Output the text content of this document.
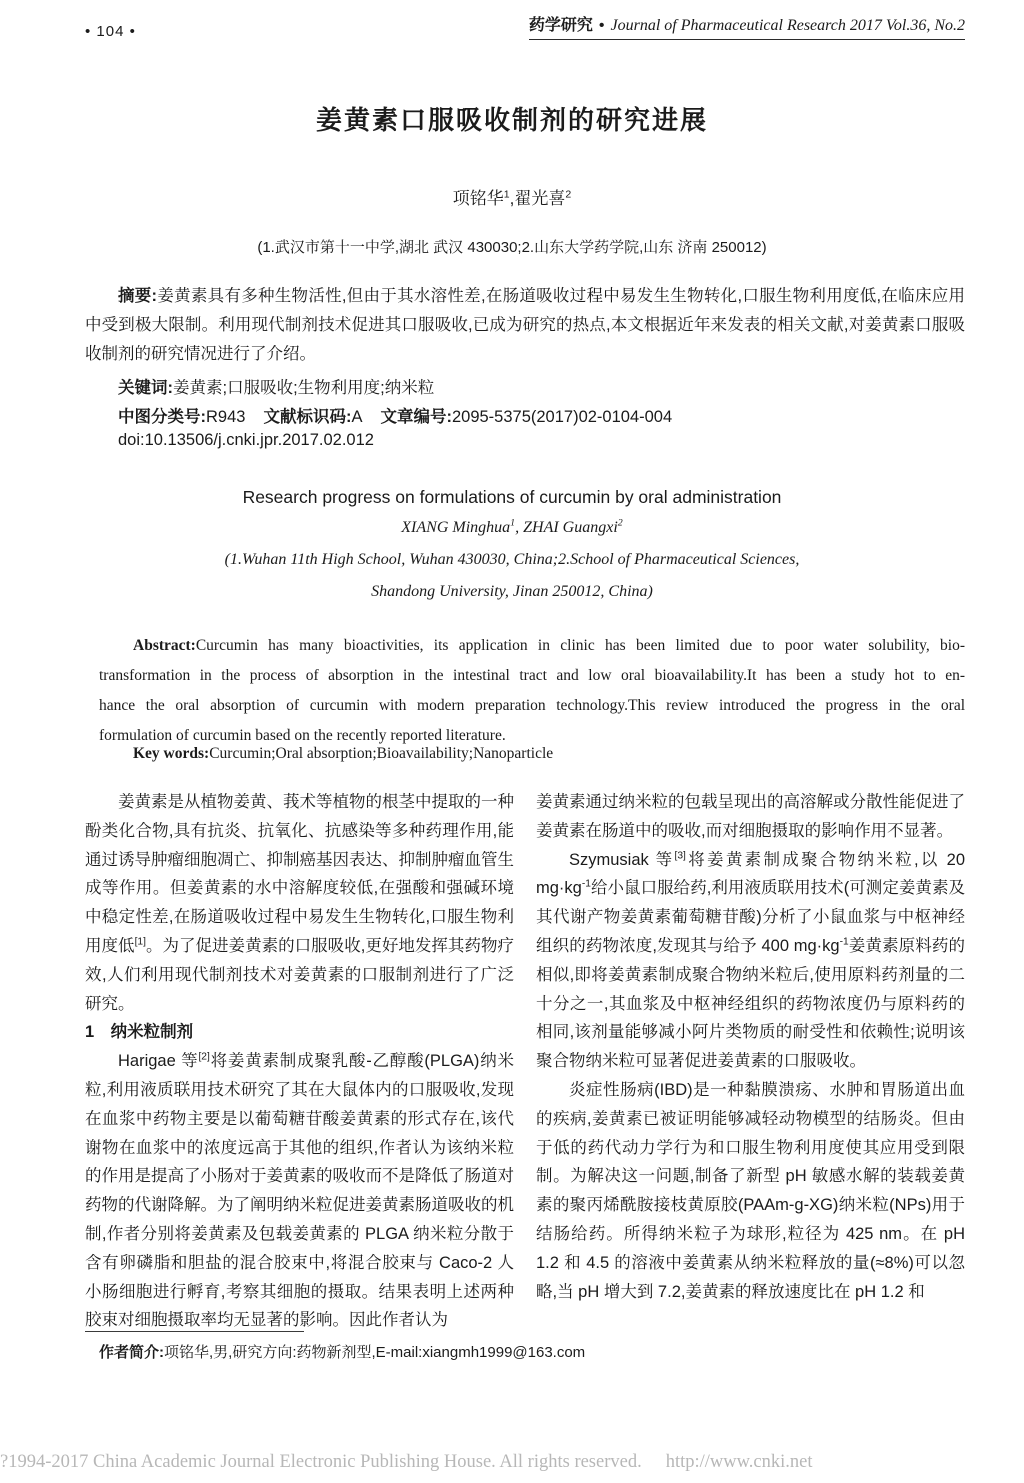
• 104 •	药学研究 • Journal of Pharmaceutical Research 2017 Vol.36, No.2
姜黄素口服吸收制剂的研究进展
项铭华$^1$,翟光喜$^2$
(1.武汉市第十一中学,湖北 武汉 430030;2.山东大学药学院,山东 济南 250012)
摘要:姜黄素具有多种生物活性,但由于其水溶性差,在肠道吸收过程中易发生生物转化,口服生物利用度低,在临床应用中受到极大限制。利用现代制剂技术促进其口服吸收,已成为研究的热点,本文根据近年来发表的相关文献,对姜黄素口服吸收制剂的研究情况进行了介绍。
关键词:姜黄素;口服吸收;生物利用度;纳米粒
中图分类号:R943 文献标识码:A 文章编号:2095-5375(2017)02-0104-004
doi:10.13506/j.cnki.jpr.2017.02.012
Research progress on formulations of curcumin by oral administration
XIANG Minghua$^1$, ZHAI Guangxi$^2$
(1.Wuhan 11th High School, Wuhan 430030, China;2.School of Pharmaceutical Sciences,
Shandong University, Jinan 250012, China)
Abstract:Curcumin has many bioactivities, its application in clinic has been limited due to poor water solubility, bio-
transformation in the process of absorption in the intestinal tract and low oral bioavailability.It has been a study hot to en-
hance the oral absorption of curcumin with modern preparation technology.This review introduced the progress in the oral
formulation of curcumin based on the recently reported literature.
Key words:Curcumin;Oral absorption;Bioavailability;Nanoparticle

姜黄素是从植物姜黄、莪术等植物的根茎中提取的一种酚类化合物,具有抗炎、抗氧化、抗感染等多种药理作用,能通过诱导肿瘤细胞凋亡、抑制癌基因表达、抑制肿瘤血管生成等作用。但姜黄素的水中溶解度较低,在强酸和强碱环境中稳定性差,在肠道吸收过程中易发生生物转化,口服生物利用度低[1]。为了促进姜黄素的口服吸收,更好地发挥其药物疗效,人们利用现代制剂技术对姜黄素的口服制剂进行了广泛研究。

1　纳米粒制剂

Harigae 等[2]将姜黄素制成聚乳酸-乙醇酸(PLGA)纳米粒,利用液质联用技术研究了其在大鼠体内的口服吸收,发现在血浆中药物主要是以葡萄糖苷酸姜黄素的形式存在,该代谢物在血浆中的浓度远高于其他的组织,作者认为该纳米粒的作用是提高了小肠对于姜黄素的吸收而不是降低了肠道对药物的代谢降解。为了阐明纳米粒促进姜黄素肠道吸收的机制,作者分别将姜黄素及包载姜黄素的 PLGA 纳米粒分散于含有卵磷脂和胆盐的混合胶束中,将混合胶束与 Caco-2 人小肠细胞进行孵育,考察其细胞的摄取。结果表明上述两种胶束对细胞摄取率均无显著的影响。因此作者认为

姜黄素通过纳米粒的包载呈现出的高溶解或分散性能促进了姜黄素在肠道中的吸收,而对细胞摄取的影响作用不显著。

Szymusiak 等[3]将姜黄素制成聚合物纳米粒,以 20 $mg\cdot kg^{-1}$给小鼠口服给药,利用液质联用技术(可测定姜黄素及其代谢产物姜黄素葡萄糖苷酸)分析了小鼠血浆与中枢神经组织的药物浓度,发现其与给予 400 $mg\cdot kg^{-1}$姜黄素原料药的相似,即将姜黄素制成聚合物纳米粒后,使用原料药剂量的二十分之一,其血浆及中枢神经组织的药物浓度仍与原料药的相同,该剂量能够减小阿片类物质的耐受性和依赖性;说明该聚合物纳米粒可显著促进姜黄素的口服吸收。

炎症性肠病(IBD)是一种黏膜溃疡、水肿和胃肠道出血的疾病,姜黄素已被证明能够减轻动物模型的结肠炎。但由于低的药代动力学行为和口服生物利用度使其应用受到限制。为解决这一问题,制备了新型 pH 敏感水解的装载姜黄素的聚丙烯酰胺接枝黄原胶(PAAm-g-XG)纳米粒(NPs)用于结肠给药。所得纳米粒子为球形,粒径为 425 nm。在 pH 1.2 和 4.5 的溶液中姜黄素从纳米粒释放的量(≈8%)可以忽略,当 pH 增大到 7.2,姜黄素的释放速度比在 pH 1.2 和

作者简介:项铭华,男,研究方向:药物新剂型,E-mail:xiangmh1999@163.com
?1994-2017 China Academic Journal Electronic Publishing House. All rights reserved. http://www.cnki.net
